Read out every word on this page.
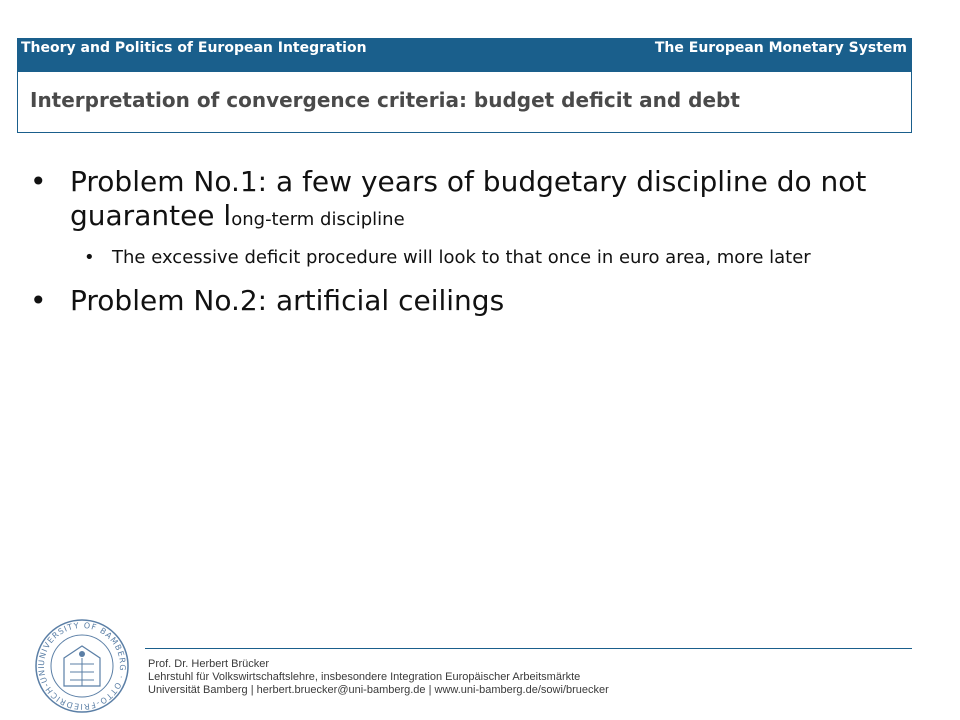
Theory and Politics of European Integration	The European Monetary System
Interpretation of convergence criteria: budget deficit and debt
• Problem No.1: a few years of budgetary discipline do not guarantee long-term discipline
• The excessive deficit procedure will look to that once in euro area, more later
• Problem No.2: artificial ceilings
UNIVERSITY OF BAMBERG · OTTO-FRIEDRICH-UNI	Prof. Dr. Herbert Brücker
Lehrstuhl für Volkswirtschaftslehre, insbesondere Integration Europäischer Arbeitsmärkte
Universität Bamberg | herbert.bruecker@uni-bamberg.de | www.uni-bamberg.de/sowi/bruecker
